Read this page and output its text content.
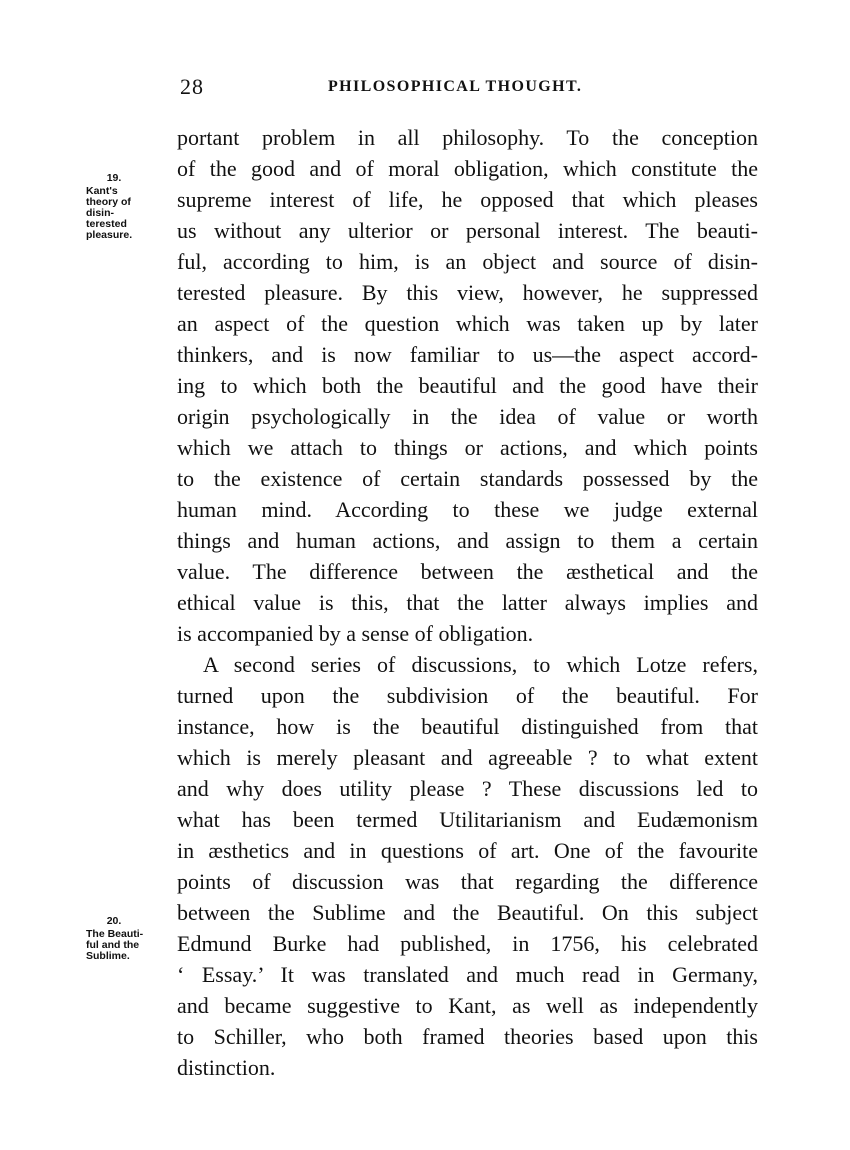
28	PHILOSOPHICAL THOUGHT.
19.
Kant's
theory of
disin-
terested
pleasure.
20.
The Beauti-
ful and the
Sublime.
portant problem in all philosophy. To the conception
of the good and of moral obligation, which constitute the
supreme interest of life, he opposed that which pleases
us without any ulterior or personal interest. The beauti-
ful, according to him, is an object and source of disin-
terested pleasure. By this view, however, he suppressed
an aspect of the question which was taken up by later
thinkers, and is now familiar to us—the aspect accord-
ing to which both the beautiful and the good have their
origin psychologically in the idea of value or worth
which we attach to things or actions, and which points
to the existence of certain standards possessed by the
human mind. According to these we judge external
things and human actions, and assign to them a certain
value. The difference between the æsthetical and the
ethical value is this, that the latter always implies and
is accompanied by a sense of obligation.
A second series of discussions, to which Lotze refers,
turned upon the subdivision of the beautiful. For
instance, how is the beautiful distinguished from that
which is merely pleasant and agreeable ? to what extent
and why does utility please ? These discussions led to
what has been termed Utilitarianism and Eudæmonism
in æsthetics and in questions of art. One of the favourite
points of discussion was that regarding the difference
between the Sublime and the Beautiful. On this subject
Edmund Burke had published, in 1756, his celebrated
‘ Essay.’ It was translated and much read in Germany,
and became suggestive to Kant, as well as independently
to Schiller, who both framed theories based upon this
distinction.
